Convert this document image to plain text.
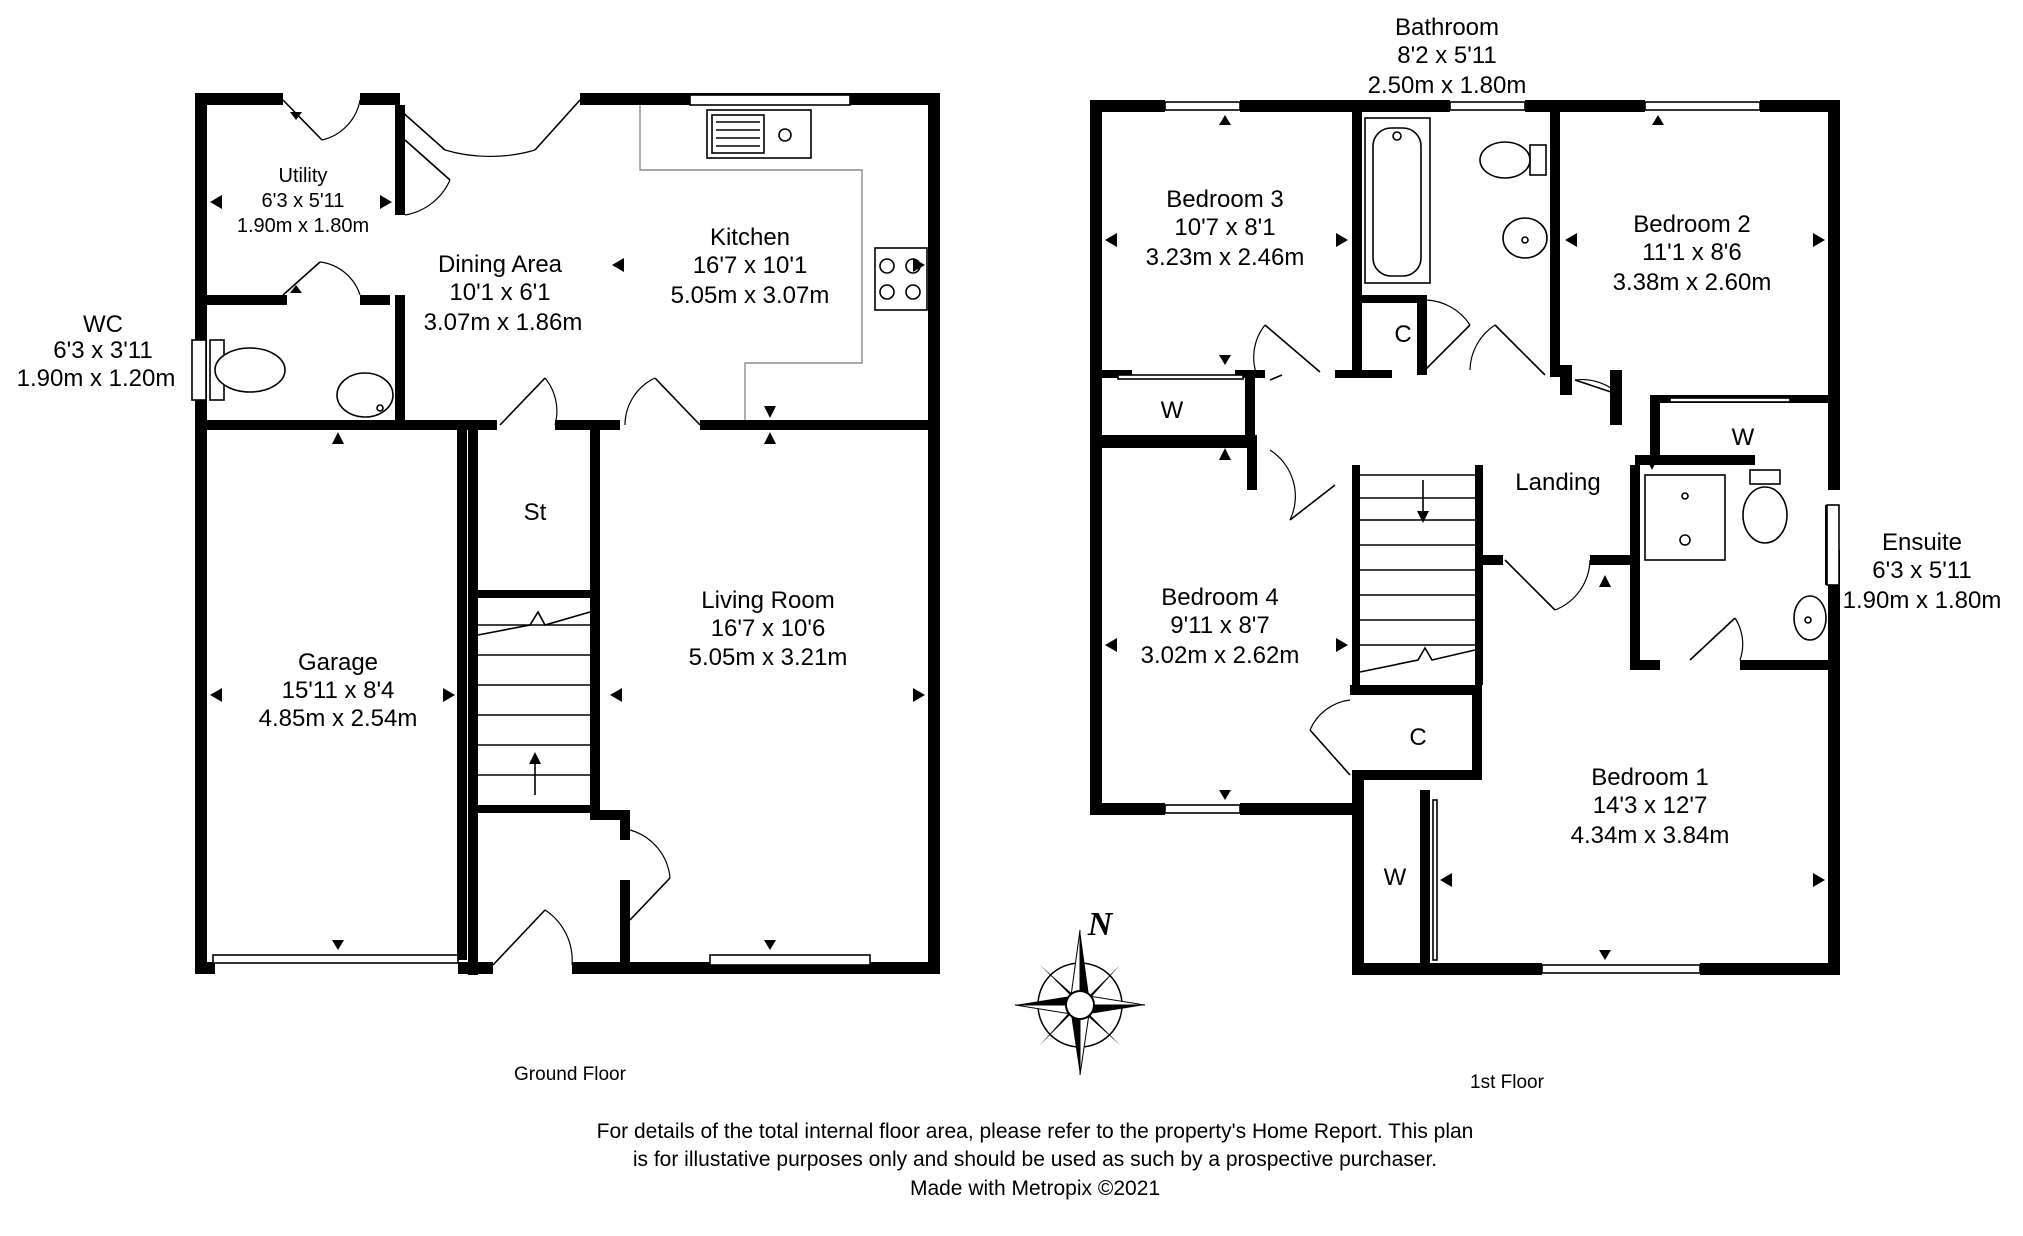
Utility
6'3 x 5'11
1.90m x 1.80m
WC
6'3 x 3'11
1.90m x 1.20m
Dining Area
10'1 x 6'1
3.07m x 1.86m
Kitchen
16'7 x 10'1
5.05m x 3.07m
Garage
15'11 x 8'4
4.85m x 2.54m
St
Living Room
16'7 x 10'6
5.05m x 3.21m
Ground Floor
Bathroom
8'2 x 5'11
2.50m x 1.80m
Bedroom 3
10'7 x 8'1
3.23m x 2.46m
Bedroom 2
11'1 x 8'6
3.38m x 2.60m
Bedroom 4
9'11 x 8'7
3.02m x 2.62m
Bedroom 1
14'3 x 12'7
4.34m x 3.84m
Ensuite
6'3 x 5'11
1.90m x 1.80m
Landing
C
C
W
W
W
1st Floor
N
For details of the total internal floor area, please refer to the property's Home Report. This plan
is for illustative purposes only and should be used as such by a prospective purchaser.
Made with Metropix ©2021
